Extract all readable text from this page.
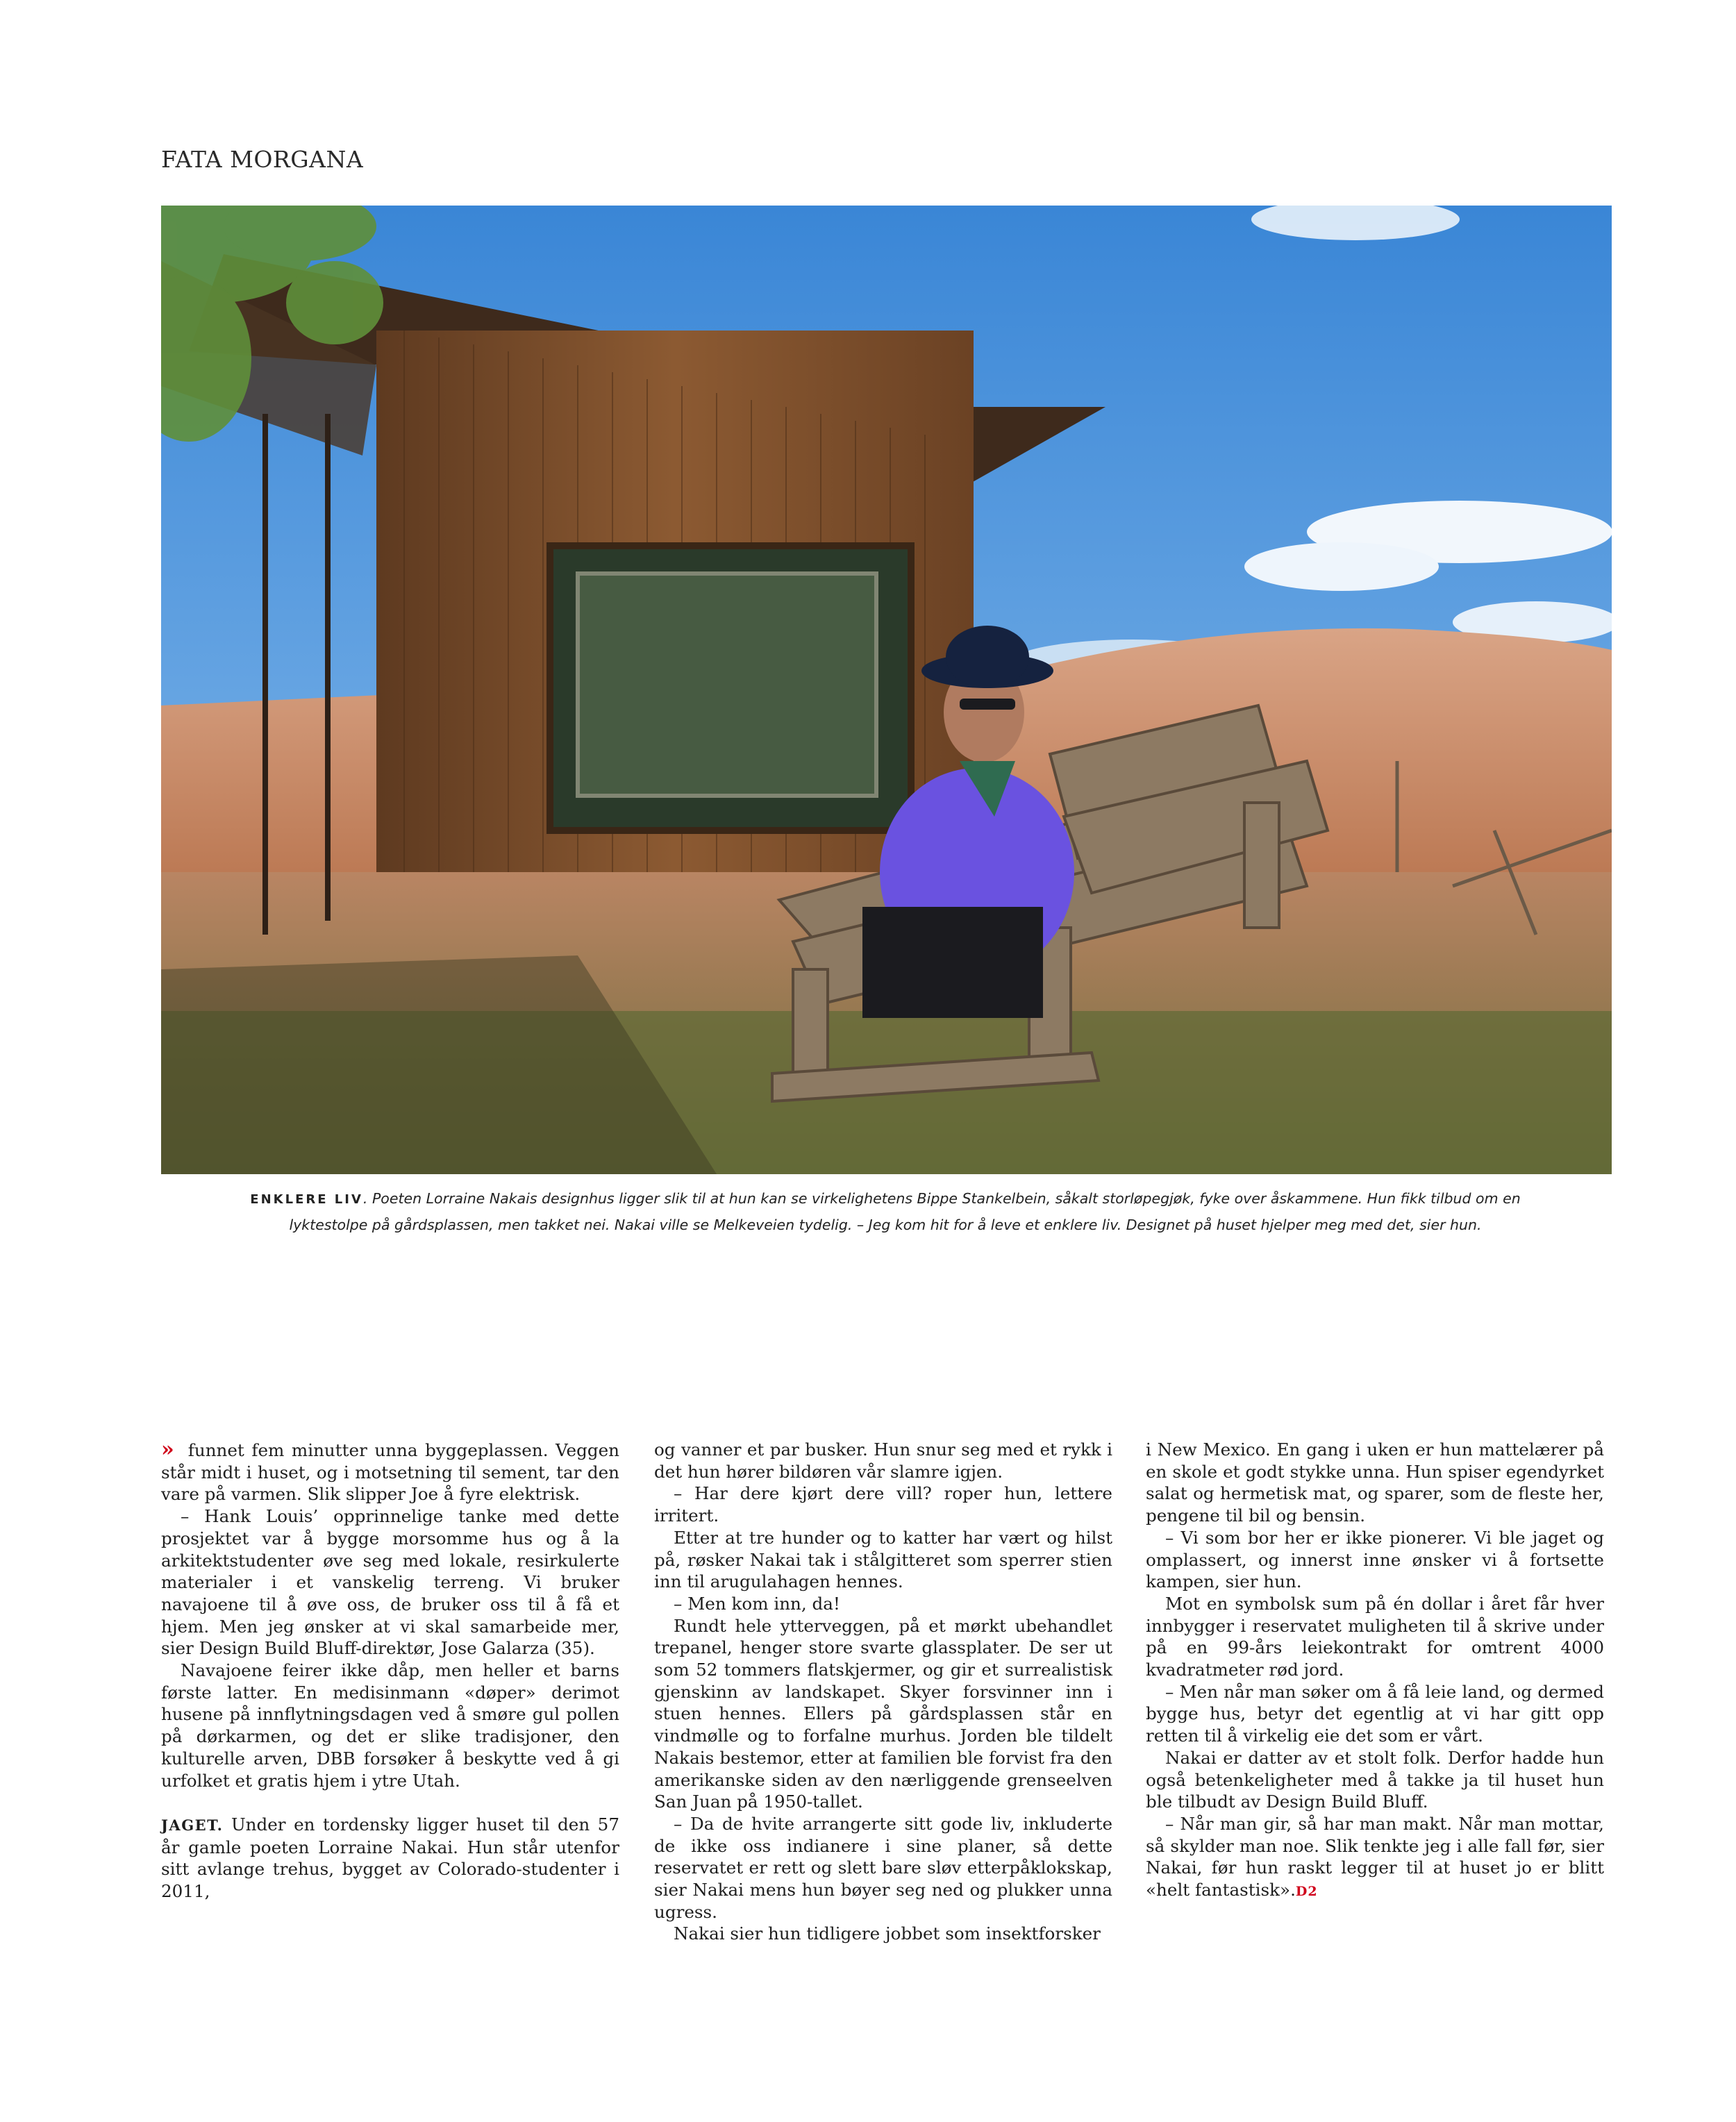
FATA MORGANA
ENKLERE LIV. Poeten Lorraine Nakais designhus ligger slik til at hun kan se virkelighetens Bippe Stankelbein, såkalt storløpegjøk, fyke over åskammene. Hun fikk tilbud om en lyktestolpe på gårdsplassen, men takket nei. Nakai ville se Melkeveien tydelig. – Jeg kom hit for å leve et enklere liv. Designet på huset hjelper meg med det, sier hun.

» funnet fem minutter unna byggeplassen. Veggen står midt i huset, og i motsetning til sement, tar den vare på varmen. Slik slipper Joe å fyre elektrisk.

– Hank Louis’ opprinnelige tanke med dette prosjektet var å bygge morsomme hus og å la arkitektstudenter øve seg med lokale, resirkulerte materialer i et vanskelig terreng. Vi bruker navajoene til å øve oss, de bruker oss til å få et hjem. Men jeg ønsker at vi skal samarbeide mer, sier Design Build Bluff-direktør, Jose Galarza (35).

Navajoene feirer ikke dåp, men heller et barns første latter. En medisinmann «døper» derimot husene på innflytningsdagen ved å smøre gul pollen på dørkarmen, og det er slike tradisjoner, den kulturelle arven, DBB forsøker å beskytte ved å gi urfolket et gratis hjem i ytre Utah.

JAGET. Under en tordensky ligger huset til den 57 år gamle poeten Lorraine Nakai. Hun står utenfor sitt avlange trehus, bygget av Colorado-studenter i 2011,

og vanner et par busker. Hun snur seg med et rykk i det hun hører bildøren vår slamre igjen.

– Har dere kjørt dere vill? roper hun, lettere irritert.

Etter at tre hunder og to katter har vært og hilst på, røsker Nakai tak i stålgitteret som sperrer stien inn til arugulahagen hennes.

– Men kom inn, da!

Rundt hele ytterveggen, på et mørkt ubehandlet trepanel, henger store svarte glassplater. De ser ut som 52 tommers flatskjermer, og gir et surrealistisk gjenskinn av landskapet. Skyer forsvinner inn i stuen hennes. Ellers på gårdsplassen står en vindmølle og to forfalne murhus. Jorden ble tildelt Nakais bestemor, etter at familien ble forvist fra den amerikanske siden av den nærliggende grenseelven San Juan på 1950-tallet.

– Da de hvite arrangerte sitt gode liv, inkluderte de ikke oss indianere i sine planer, så dette reservatet er rett og slett bare sløv etterpåklokskap, sier Nakai mens hun bøyer seg ned og plukker unna ugress.

Nakai sier hun tidligere jobbet som insektforsker

i New Mexico. En gang i uken er hun mattelærer på en skole et godt stykke unna. Hun spiser egendyrket salat og hermetisk mat, og sparer, som de fleste her, pengene til bil og bensin.

– Vi som bor her er ikke pionerer. Vi ble jaget og omplassert, og innerst inne ønsker vi å fortsette kampen, sier hun.

Mot en symbolsk sum på én dollar i året får hver innbygger i reservatet muligheten til å skrive under på en 99-års leiekontrakt for omtrent 4000 kvadratmeter rød jord.

– Men når man søker om å få leie land, og dermed bygge hus, betyr det egentlig at vi har gitt opp retten til å virkelig eie det som er vårt.

Nakai er datter av et stolt folk. Derfor hadde hun også betenkeligheter med å takke ja til huset hun ble tilbudt av Design Build Bluff.

– Når man gir, så har man makt. Når man mottar, så skylder man noe. Slik tenkte jeg i alle fall før, sier Nakai, før hun raskt legger til at huset jo er blitt «helt fantastisk».D2
